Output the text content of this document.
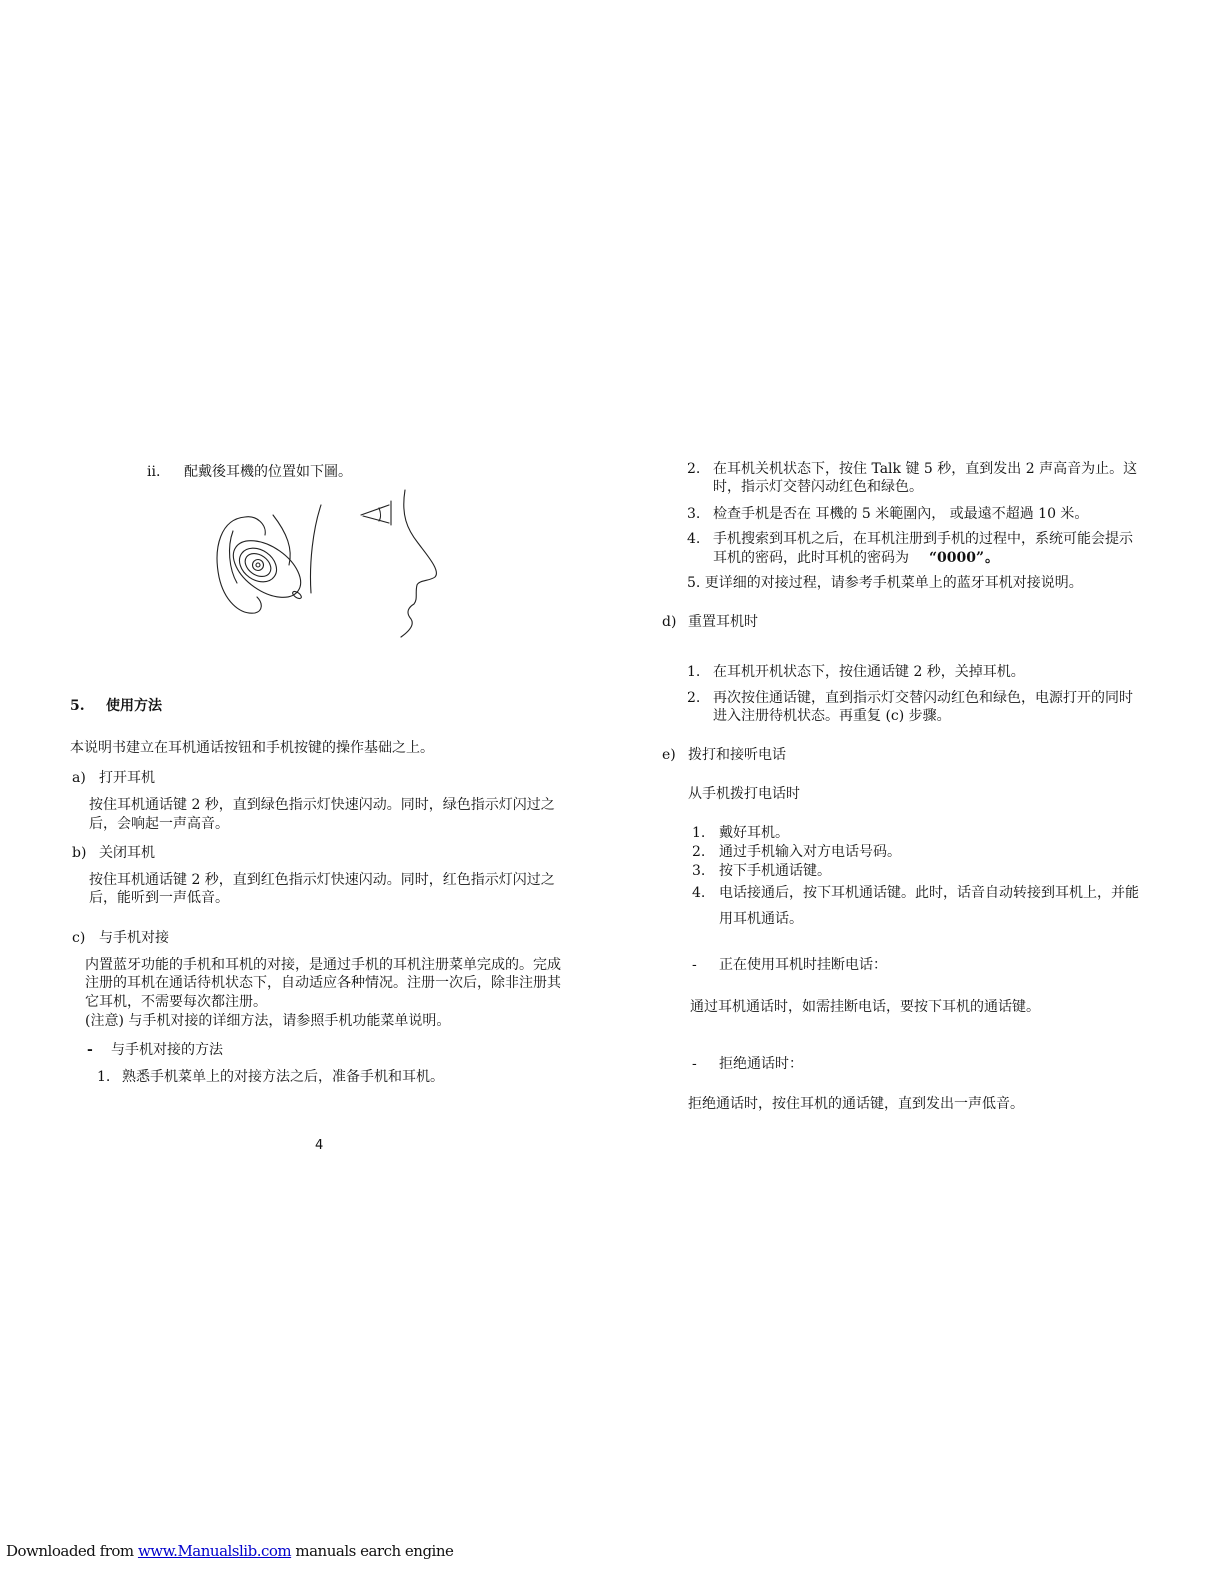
ii. 配戴後耳機的位置如下圖。
5. 使用方法
本说明书建立在耳机通话按钮和手机按键的操作基础之上。
a) 打开耳机
按住耳机通话键 2 秒，直到绿色指示灯快速闪动。同时，绿色指示灯闪过之
后，会响起一声高音。
b) 关闭耳机
按住耳机通话键 2 秒，直到红色指示灯快速闪动。同时，红色指示灯闪过之
后，能听到一声低音。
c) 与手机对接
内置蓝牙功能的手机和耳机的对接，是通过手机的耳机注册菜单完成的。完成
注册的耳机在通话待机状态下，自动适应各种情况。注册一次后，除非注册其
它耳机，不需要每次都注册。
(注意) 与手机对接的详细方法，请参照手机功能菜单说明。
- 与手机对接的方法
1. 熟悉手机菜单上的对接方法之后，准备手机和耳机。
4
2. 在耳机关机状态下，按住 Talk 键 5 秒，直到发出 2 声高音为止。这
时，指示灯交替闪动红色和绿色。
3. 检查手机是否在 耳機的 5 米範圍內， 或最遠不超過 10 米。
4. 手机搜索到耳机之后，在耳机注册到手机的过程中，系统可能会提示
耳机的密码，此时耳机的密码为 “0000” 。
5. 更详细的对接过程，请参考手机菜单上的蓝牙耳机对接说明。
d) 重置耳机时
1. 在耳机开机状态下，按住通话键 2 秒，关掉耳机。
2. 再次按住通话键，直到指示灯交替闪动红色和绿色，电源打开的同时
进入注册待机状态。再重复 (c) 步骤。
e) 拨打和接听电话
从手机拨打电话时
1. 戴好耳机。
2. 通过手机输入对方电话号码。
3. 按下手机通话键。
4. 电话接通后，按下耳机通话键。此时，话音自动转接到耳机上，并能
用耳机通话。
- 正在使用耳机时挂断电话：
通过耳机通话时，如需挂断电话，要按下耳机的通话键。
- 拒绝通话时：
拒绝通话时，按住耳机的通话键，直到发出一声低音。
Downloaded from www.Manualslib.com manuals earch engine
